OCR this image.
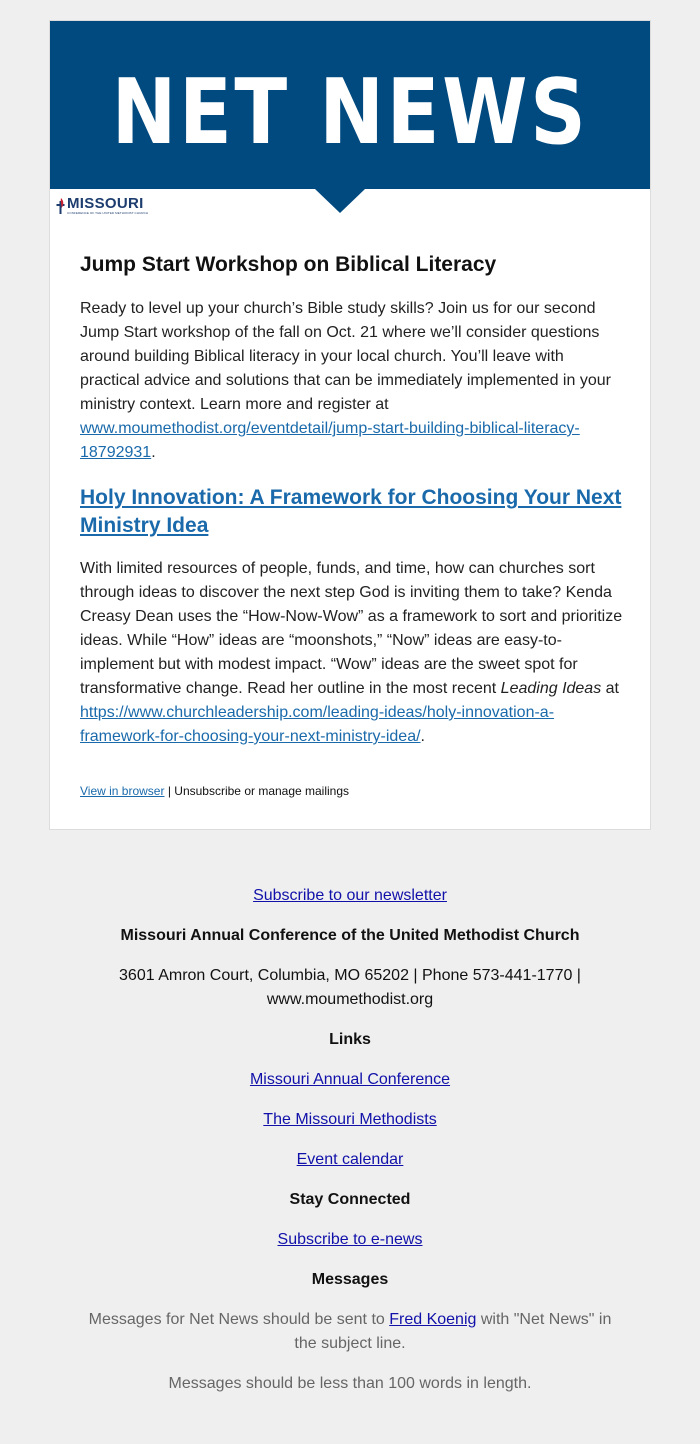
NET NEWS
MISSOURI
CONFERENCE OF THE UNITED METHODIST CHURCH
Jump Start Workshop on Biblical Literacy

Ready to level up your church’s Bible study skills? Join us for our second Jump Start workshop of the fall on Oct. 21 where we’ll consider questions around building Biblical literacy in your local church. You’ll leave with practical advice and solutions that can be immediately implemented in your ministry context. Learn more and register at www.moumethodist.org/eventdetail/jump-start-building-biblical-literacy-18792931.

Holy Innovation: A Framework for Choosing Your Next Ministry Idea

With limited resources of people, funds, and time, how can churches sort through ideas to discover the next step God is inviting them to take? Kenda Creasy Dean uses the “How-Now-Wow” as a framework to sort and prioritize ideas. While “How” ideas are “moonshots,” “Now” ideas are easy-to-implement but with modest impact. “Wow” ideas are the sweet spot for transformative change. Read her outline in the most recent Leading Ideas at https://www.churchleadership.com/leading-ideas/holy-innovation-a-framework-for-choosing-your-next-ministry-idea/.

View in browser | Unsubscribe or manage mailings
Subscribe to our newsletter
Missouri Annual Conference of the United Methodist Church
3601 Amron Court, Columbia, MO 65202 | Phone 573-441-1770 |
www.moumethodist.org
Links
Missouri Annual Conference
The Missouri Methodists
Event calendar
Stay Connected
Subscribe to e-news
Messages
Messages for Net News should be sent to Fred Koenig with "Net News" in
the subject line.
Messages should be less than 100 words in length.
